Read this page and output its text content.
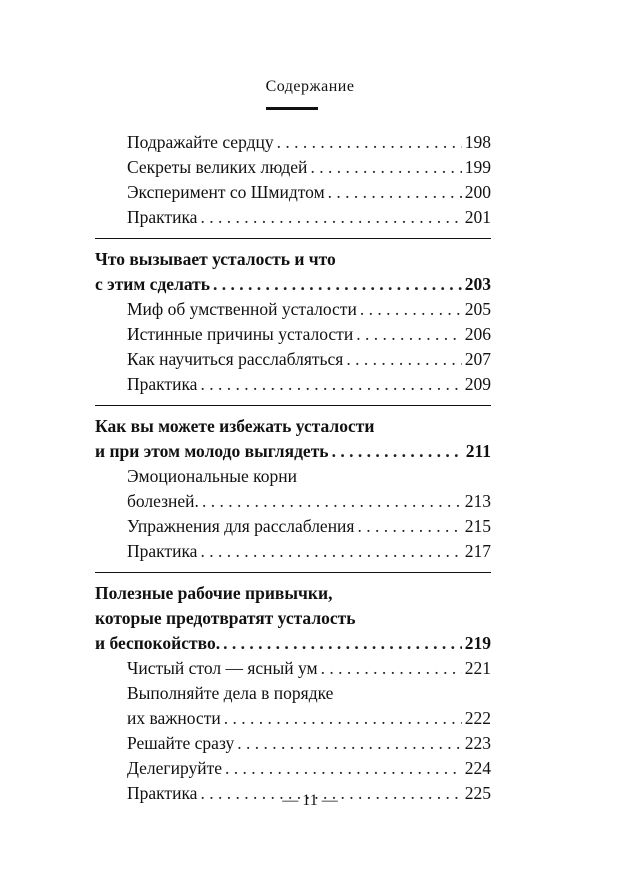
Содержание
Подражайте сердцу . . .	198
Секреты великих людей . . .	199
Эксперимент со Шмидтом . . .	200
Практика . . .	201
Что вызывает усталость и что
с этим сделать . . .	203
Миф об умственной усталости . . .	205
Истинные причины усталости . . .	206
Как научиться расслабляться . . .	207
Практика . . .	209
Как вы можете избежать усталости
и при этом молодо выглядеть . . .	211
Эмоциональные корни
болезней. . . .	213
Упражнения для расслабления . . .	215
Практика . . .	217
Полезные рабочие привычки,
которые предотвратят усталость
и беспокойство. . . .	219
Чистый стол — ясный ум . . .	221
Выполняйте дела в порядке
их важности . . .	222
Решайте сразу . . .	223
Делегируйте . . .	224
Практика . . .	225
— 11 —
